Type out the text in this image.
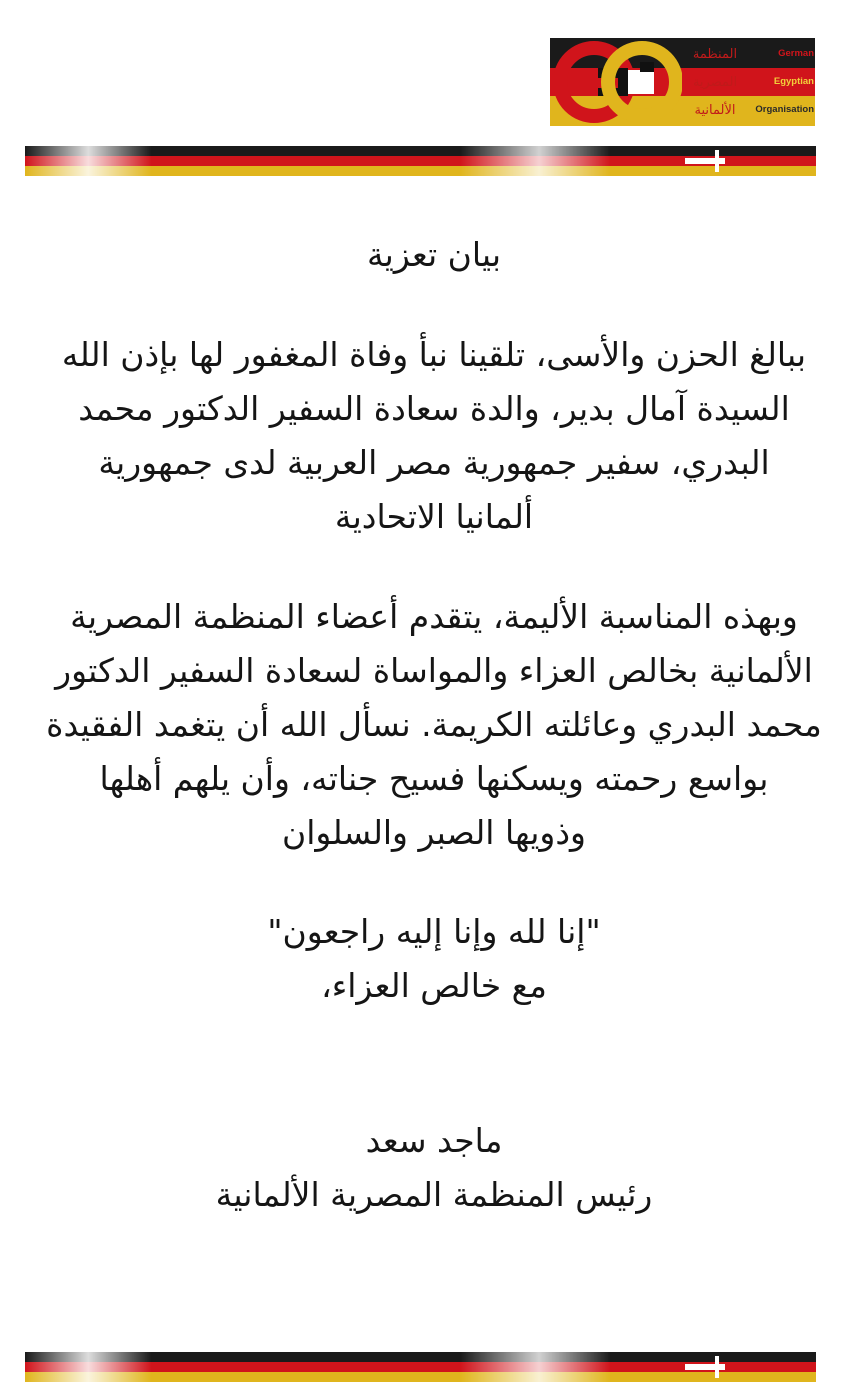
المنظمة
المصرية
الألمانية
German
Egyptian
Organisation
بيان تعزية
ببالغ الحزن والأسى، تلقينا نبأ وفاة المغفور لها بإذن الله
السيدة آمال بدير، والدة سعادة السفير الدكتور محمد
البدري، سفير جمهورية مصر العربية لدى جمهورية
ألمانيا الاتحادية
وبهذه المناسبة الأليمة، يتقدم أعضاء المنظمة المصرية
الألمانية بخالص العزاء والمواساة لسعادة السفير الدكتور
محمد البدري وعائلته الكريمة. نسأل الله أن يتغمد الفقيدة
بواسع رحمته ويسكنها فسيح جناته، وأن يلهم أهلها
وذويها الصبر والسلوان
"إنا لله وإنا إليه راجعون"
مع خالص العزاء،
ماجد سعد
رئيس المنظمة المصرية الألمانية
